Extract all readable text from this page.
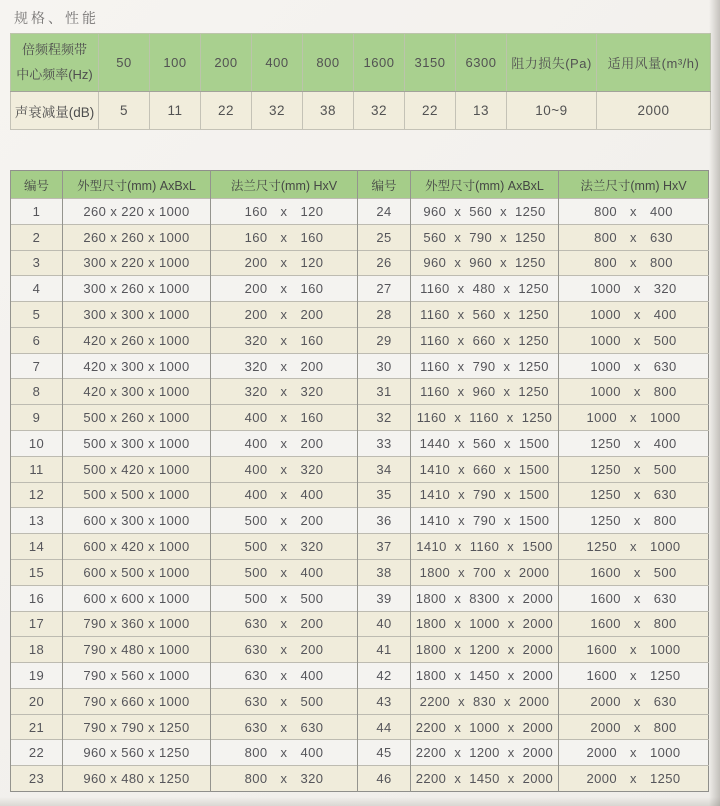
规格、性能
倍频程频带
中心频率(Hz)	50	100	200	400	800	1600	3150	6300	阻力损失(Pa)	适用风量(m³/h)
声衰减量(dB)	5	11	22	32	38	32	22	13	10~9	2000
编号	外型尺寸(mm) AxBxL	法兰尺寸(mm) HxV	编号	外型尺寸(mm) AxBxL	法兰尺寸(mm) HxV
1	260 x 220 x 1000	160 x 120	24	960 x 560 x 1250	800 x 400
2	260 x 260 x 1000	160 x 160	25	560 x 790 x 1250	800 x 630
3	300 x 220 x 1000	200 x 120	26	960 x 960 x 1250	800 x 800
4	300 x 260 x 1000	200 x 160	27	1160 x 480 x 1250	1000 x 320
5	300 x 300 x 1000	200 x 200	28	1160 x 560 x 1250	1000 x 400
6	420 x 260 x 1000	320 x 160	29	1160 x 660 x 1250	1000 x 500
7	420 x 300 x 1000	320 x 200	30	1160 x 790 x 1250	1000 x 630
8	420 x 300 x 1000	320 x 320	31	1160 x 960 x 1250	1000 x 800
9	500 x 260 x 1000	400 x 160	32	1160 x 1160 x 1250	1000 x 1000
10	500 x 300 x 1000	400 x 200	33	1440 x 560 x 1500	1250 x 400
11	500 x 420 x 1000	400 x 320	34	1410 x 660 x 1500	1250 x 500
12	500 x 500 x 1000	400 x 400	35	1410 x 790 x 1500	1250 x 630
13	600 x 300 x 1000	500 x 200	36	1410 x 790 x 1500	1250 x 800
14	600 x 420 x 1000	500 x 320	37	1410 x 1160 x 1500	1250 x 1000
15	600 x 500 x 1000	500 x 400	38	1800 x 700 x 2000	1600 x 500
16	600 x 600 x 1000	500 x 500	39	1800 x 8300 x 2000	1600 x 630
17	790 x 360 x 1000	630 x 200	40	1800 x 1000 x 2000	1600 x 800
18	790 x 480 x 1000	630 x 200	41	1800 x 1200 x 2000	1600 x 1000
19	790 x 560 x 1000	630 x 400	42	1800 x 1450 x 2000	1600 x 1250
20	790 x 660 x 1000	630 x 500	43	2200 x 830 x 2000	2000 x 630
21	790 x 790 x 1250	630 x 630	44	2200 x 1000 x 2000	2000 x 800
22	960 x 560 x 1250	800 x 400	45	2200 x 1200 x 2000	2000 x 1000
23	960 x 480 x 1250	800 x 320	46	2200 x 1450 x 2000	2000 x 1250
